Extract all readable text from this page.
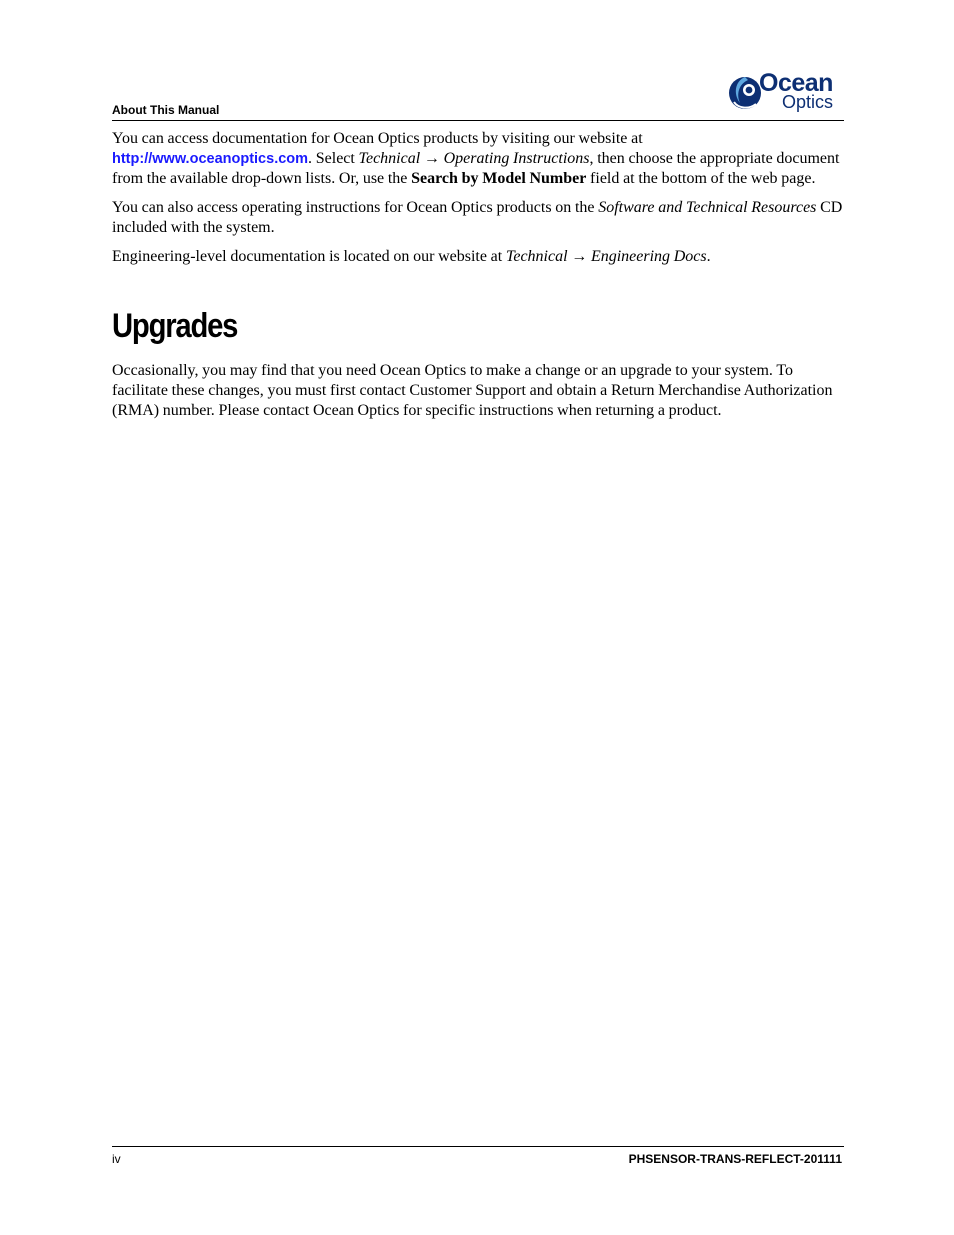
About This Manual
Ocean
Optics

You can access documentation for Ocean Optics products by visiting our website at http://www.oceanoptics.com. Select Technical → Operating Instructions, then choose the appropriate document from the available drop-down lists. Or, use the Search by Model Number field at the bottom of the web page.

You can also access operating instructions for Ocean Optics products on the Software and Technical Resources CD included with the system.

Engineering-level documentation is located on our website at Technical → Engineering Docs.

Upgrades

Occasionally, you may find that you need Ocean Optics to make a change or an upgrade to your system. To facilitate these changes, you must first contact Customer Support and obtain a Return Merchandise Authorization (RMA) number. Please contact Ocean Optics for specific instructions when returning a product.

iv	PHSENSOR-TRANS-REFLECT-201111
